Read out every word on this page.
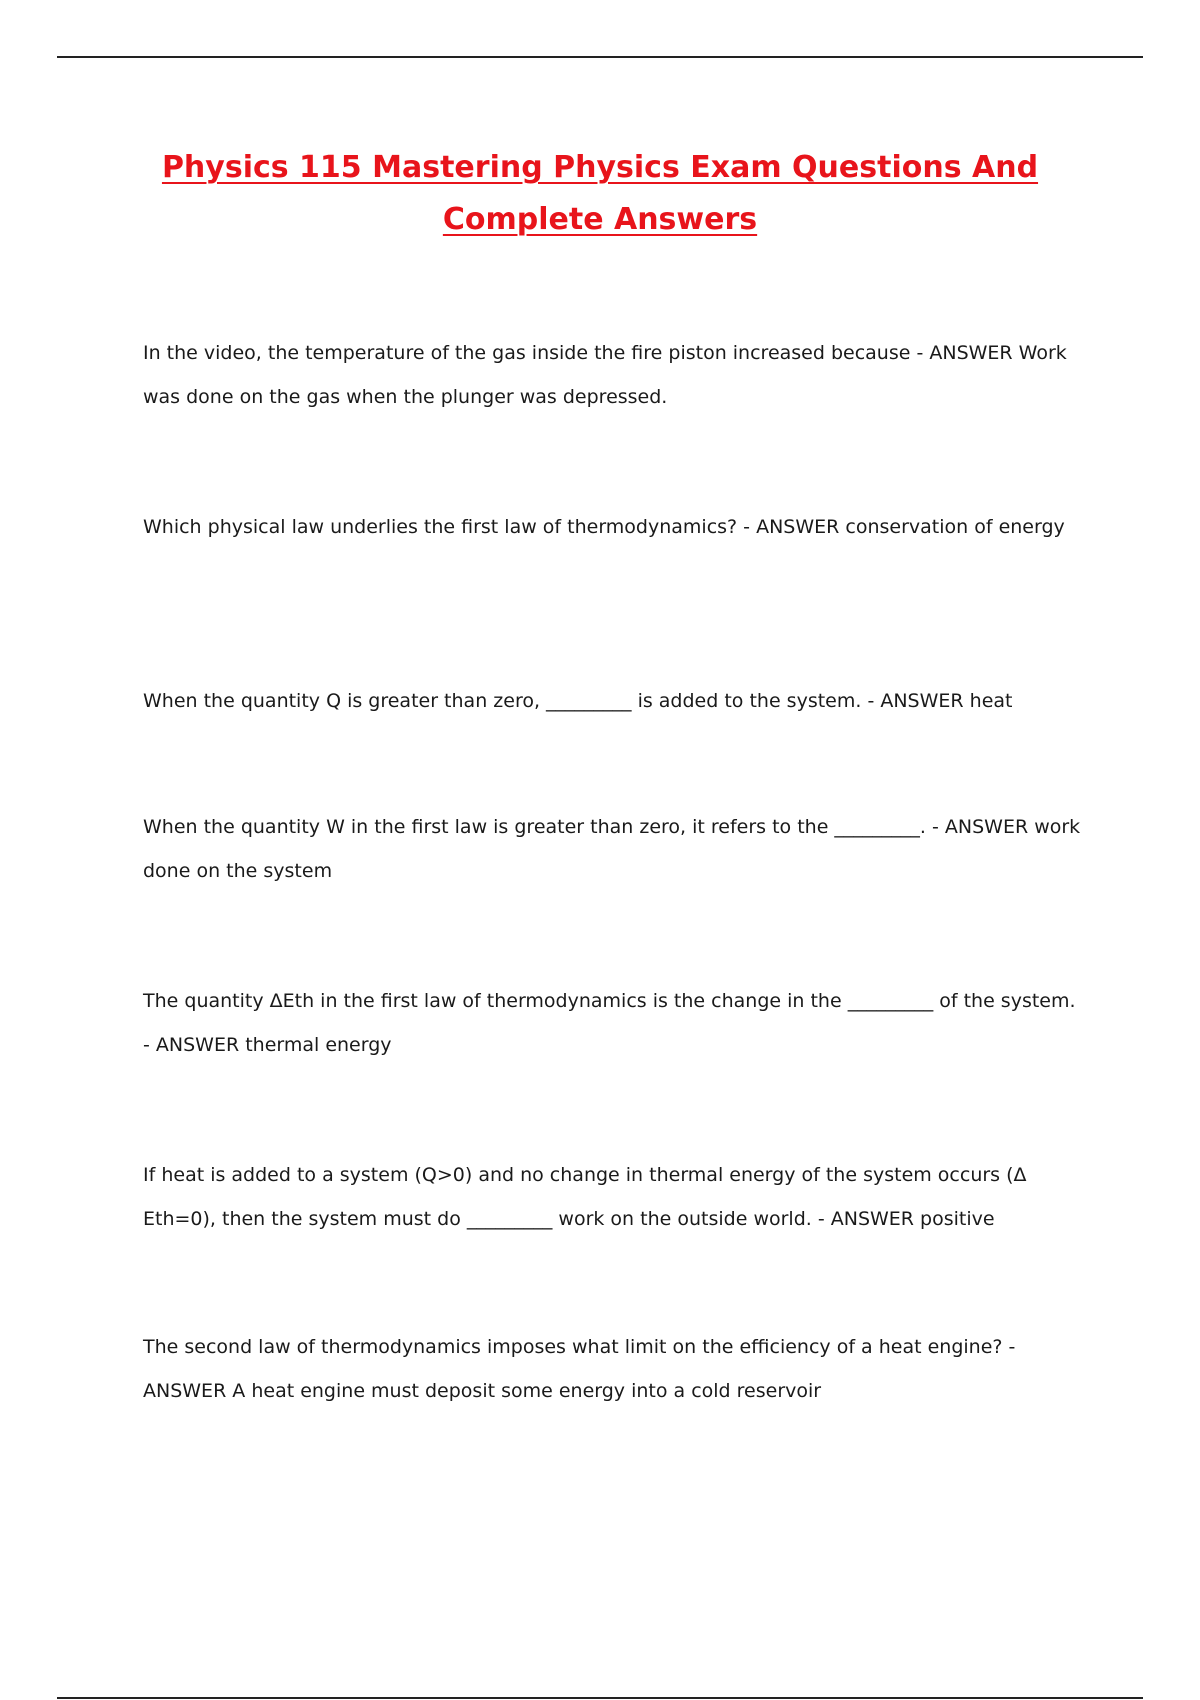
Physics 115 Mastering Physics Exam Questions And
Complete Answers

In the video, the temperature of the gas inside the fire piston increased because - ANSWER Work was done on the gas when the plunger was depressed.

Which physical law underlies the first law of thermodynamics? - ANSWER conservation of energy

When the quantity Q is greater than zero, _________ is added to the system. - ANSWER heat

When the quantity W in the first law is greater than zero, it refers to the _________. - ANSWER work done on the system

The quantity ΔEth in the first law of thermodynamics is the change in the _________ of the system. - ANSWER thermal energy

If heat is added to a system (Q>0) and no change in thermal energy of the system occurs (Δ Eth=0), then the system must do _________ work on the outside world. - ANSWER positive

The second law of thermodynamics imposes what limit on the efficiency of a heat engine? - ANSWER A heat engine must deposit some energy into a cold reservoir
